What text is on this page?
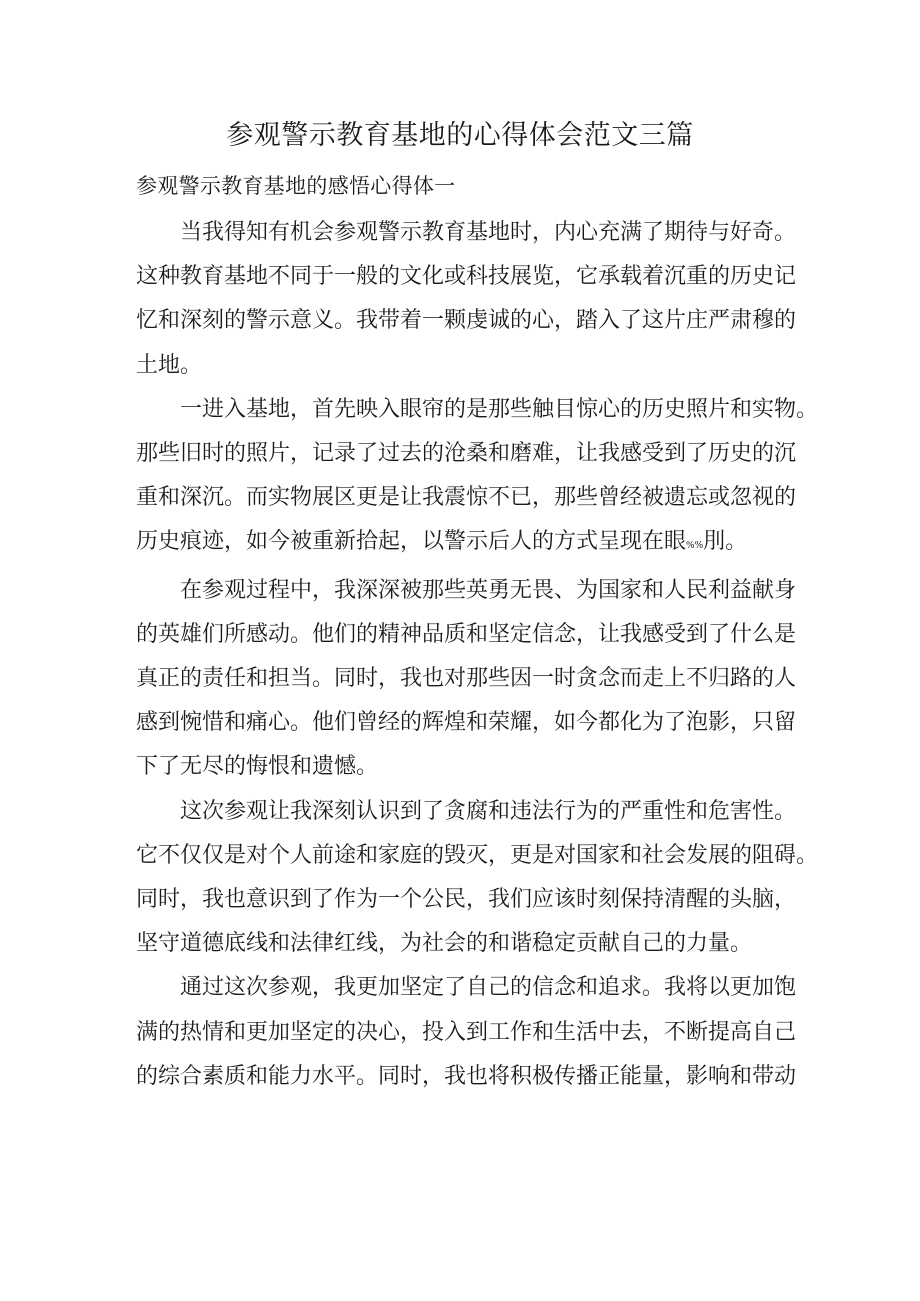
参观警示教育基地的心得体会范文三篇
参观警示教育基地的感悟心得体一

当我得知有机会参观警示教育基地时，内心充满了期待与好奇。
这种教育基地不同于一般的文化或科技展览，它承载着沉重的历史记
忆和深刻的警示意义。我带着一颗虔诚的心，踏入了这片庄严肃穆的
土地。

一进入基地，首先映入眼帘的是那些触目惊心的历史照片和实物。
那些旧时的照片，记录了过去的沧桑和磨难，让我感受到了历史的沉
重和深沉。而实物展区更是让我震惊不已，那些曾经被遗忘或忽视的
历史痕迹，如今被重新拾起，以警示后人的方式呈现在眼%%刖。

在参观过程中，我深深被那些英勇无畏、为国家和人民利益献身
的英雄们所感动。他们的精神品质和坚定信念，让我感受到了什么是
真正的责任和担当。同时，我也对那些因一时贪念而走上不归路的人
感到惋惜和痛心。他们曾经的辉煌和荣耀，如今都化为了泡影，只留
下了无尽的悔恨和遗憾。

这次参观让我深刻认识到了贪腐和违法行为的严重性和危害性。
它不仅仅是对个人前途和家庭的毁灭，更是对国家和社会发展的阻碍。
同时，我也意识到了作为一个公民，我们应该时刻保持清醒的头脑，
坚守道德底线和法律红线，为社会的和谐稳定贡献自己的力量。

通过这次参观，我更加坚定了自己的信念和追求。我将以更加饱
满的热情和更加坚定的决心，投入到工作和生活中去，不断提高自己
的综合素质和能力水平。同时，我也将积极传播正能量，影响和带动
